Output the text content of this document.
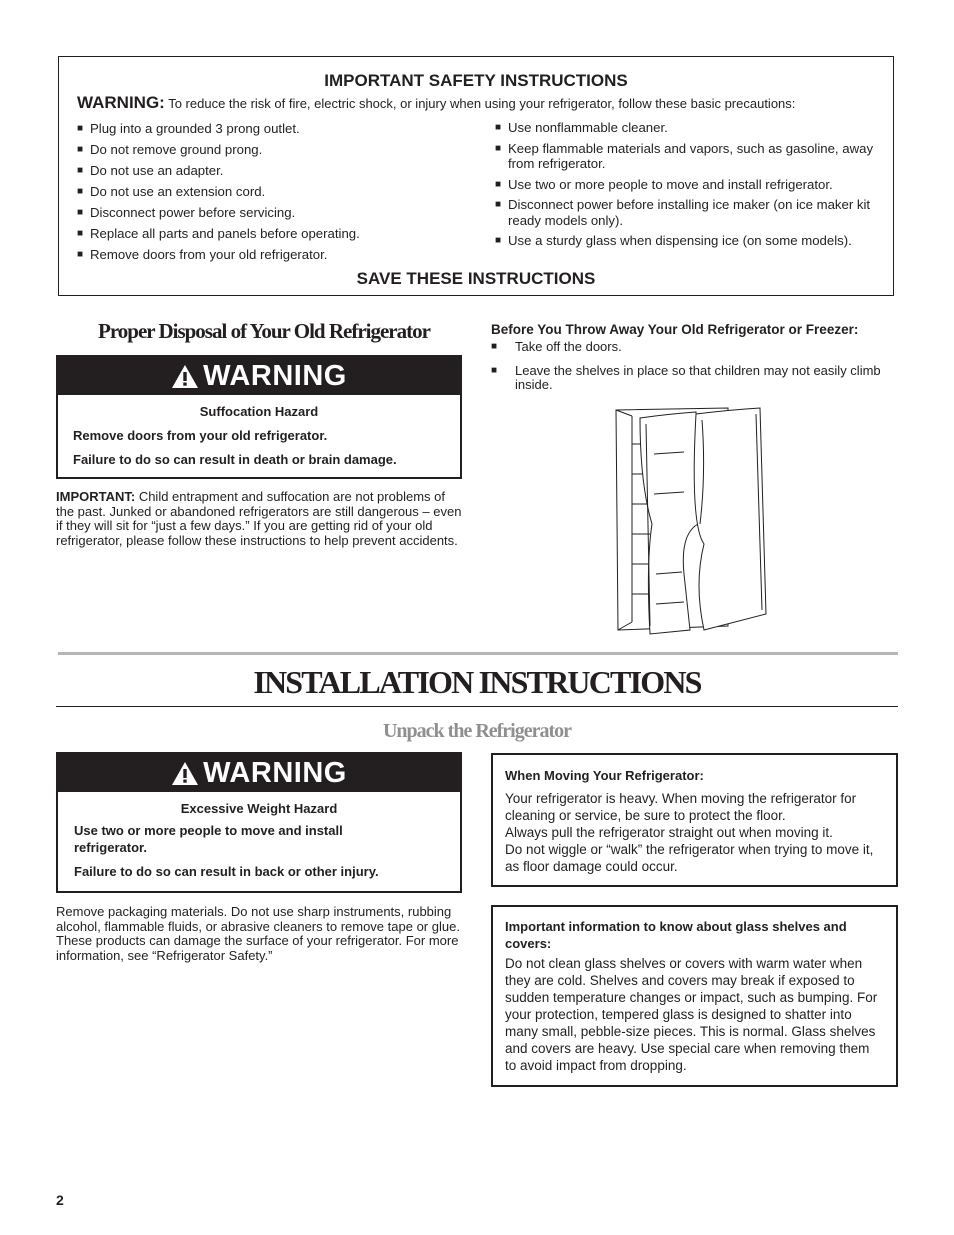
IMPORTANT SAFETY INSTRUCTIONS
WARNING: To reduce the risk of fire, electric shock, or injury when using your refrigerator, follow these basic precautions:
■ Plug into a grounded 3 prong outlet.
■ Do not remove ground prong.
■ Do not use an adapter.
■ Do not use an extension cord.
■ Disconnect power before servicing.
■ Replace all parts and panels before operating.
■ Remove doors from your old refrigerator.
■ Use nonflammable cleaner.
■ Keep flammable materials and vapors, such as gasoline, away from refrigerator.
■ Use two or more people to move and install refrigerator.
■ Disconnect power before installing ice maker (on ice maker kit ready models only).
■ Use a sturdy glass when dispensing ice (on some models).
SAVE THESE INSTRUCTIONS
Proper Disposal of Your Old Refrigerator
WARNING
Suffocation Hazard
Remove doors from your old refrigerator.
Failure to do so can result in death or brain damage.
IMPORTANT: Child entrapment and suffocation are not problems of the past. Junked or abandoned refrigerators are still dangerous – even if they will sit for “just a few days.” If you are getting rid of your old refrigerator, please follow these instructions to help prevent accidents.
Before You Throw Away Your Old Refrigerator or Freezer:
■ Take off the doors.
■ Leave the shelves in place so that children may not easily climb inside.
INSTALLATION INSTRUCTIONS
Unpack the Refrigerator
WARNING
Excessive Weight Hazard
Use two or more people to move and install refrigerator.
Failure to do so can result in back or other injury.
Remove packaging materials. Do not use sharp instruments, rubbing alcohol, flammable fluids, or abrasive cleaners to remove tape or glue. These products can damage the surface of your refrigerator. For more information, see “Refrigerator Safety.”
When Moving Your Refrigerator:
Your refrigerator is heavy. When moving the refrigerator for cleaning or service, be sure to protect the floor.
Always pull the refrigerator straight out when moving it.
Do not wiggle or “walk” the refrigerator when trying to move it, as floor damage could occur.
Important information to know about glass shelves and covers:
Do not clean glass shelves or covers with warm water when they are cold. Shelves and covers may break if exposed to sudden temperature changes or impact, such as bumping. For your protection, tempered glass is designed to shatter into many small, pebble-size pieces. This is normal. Glass shelves and covers are heavy. Use special care when removing them to avoid impact from dropping.
2
